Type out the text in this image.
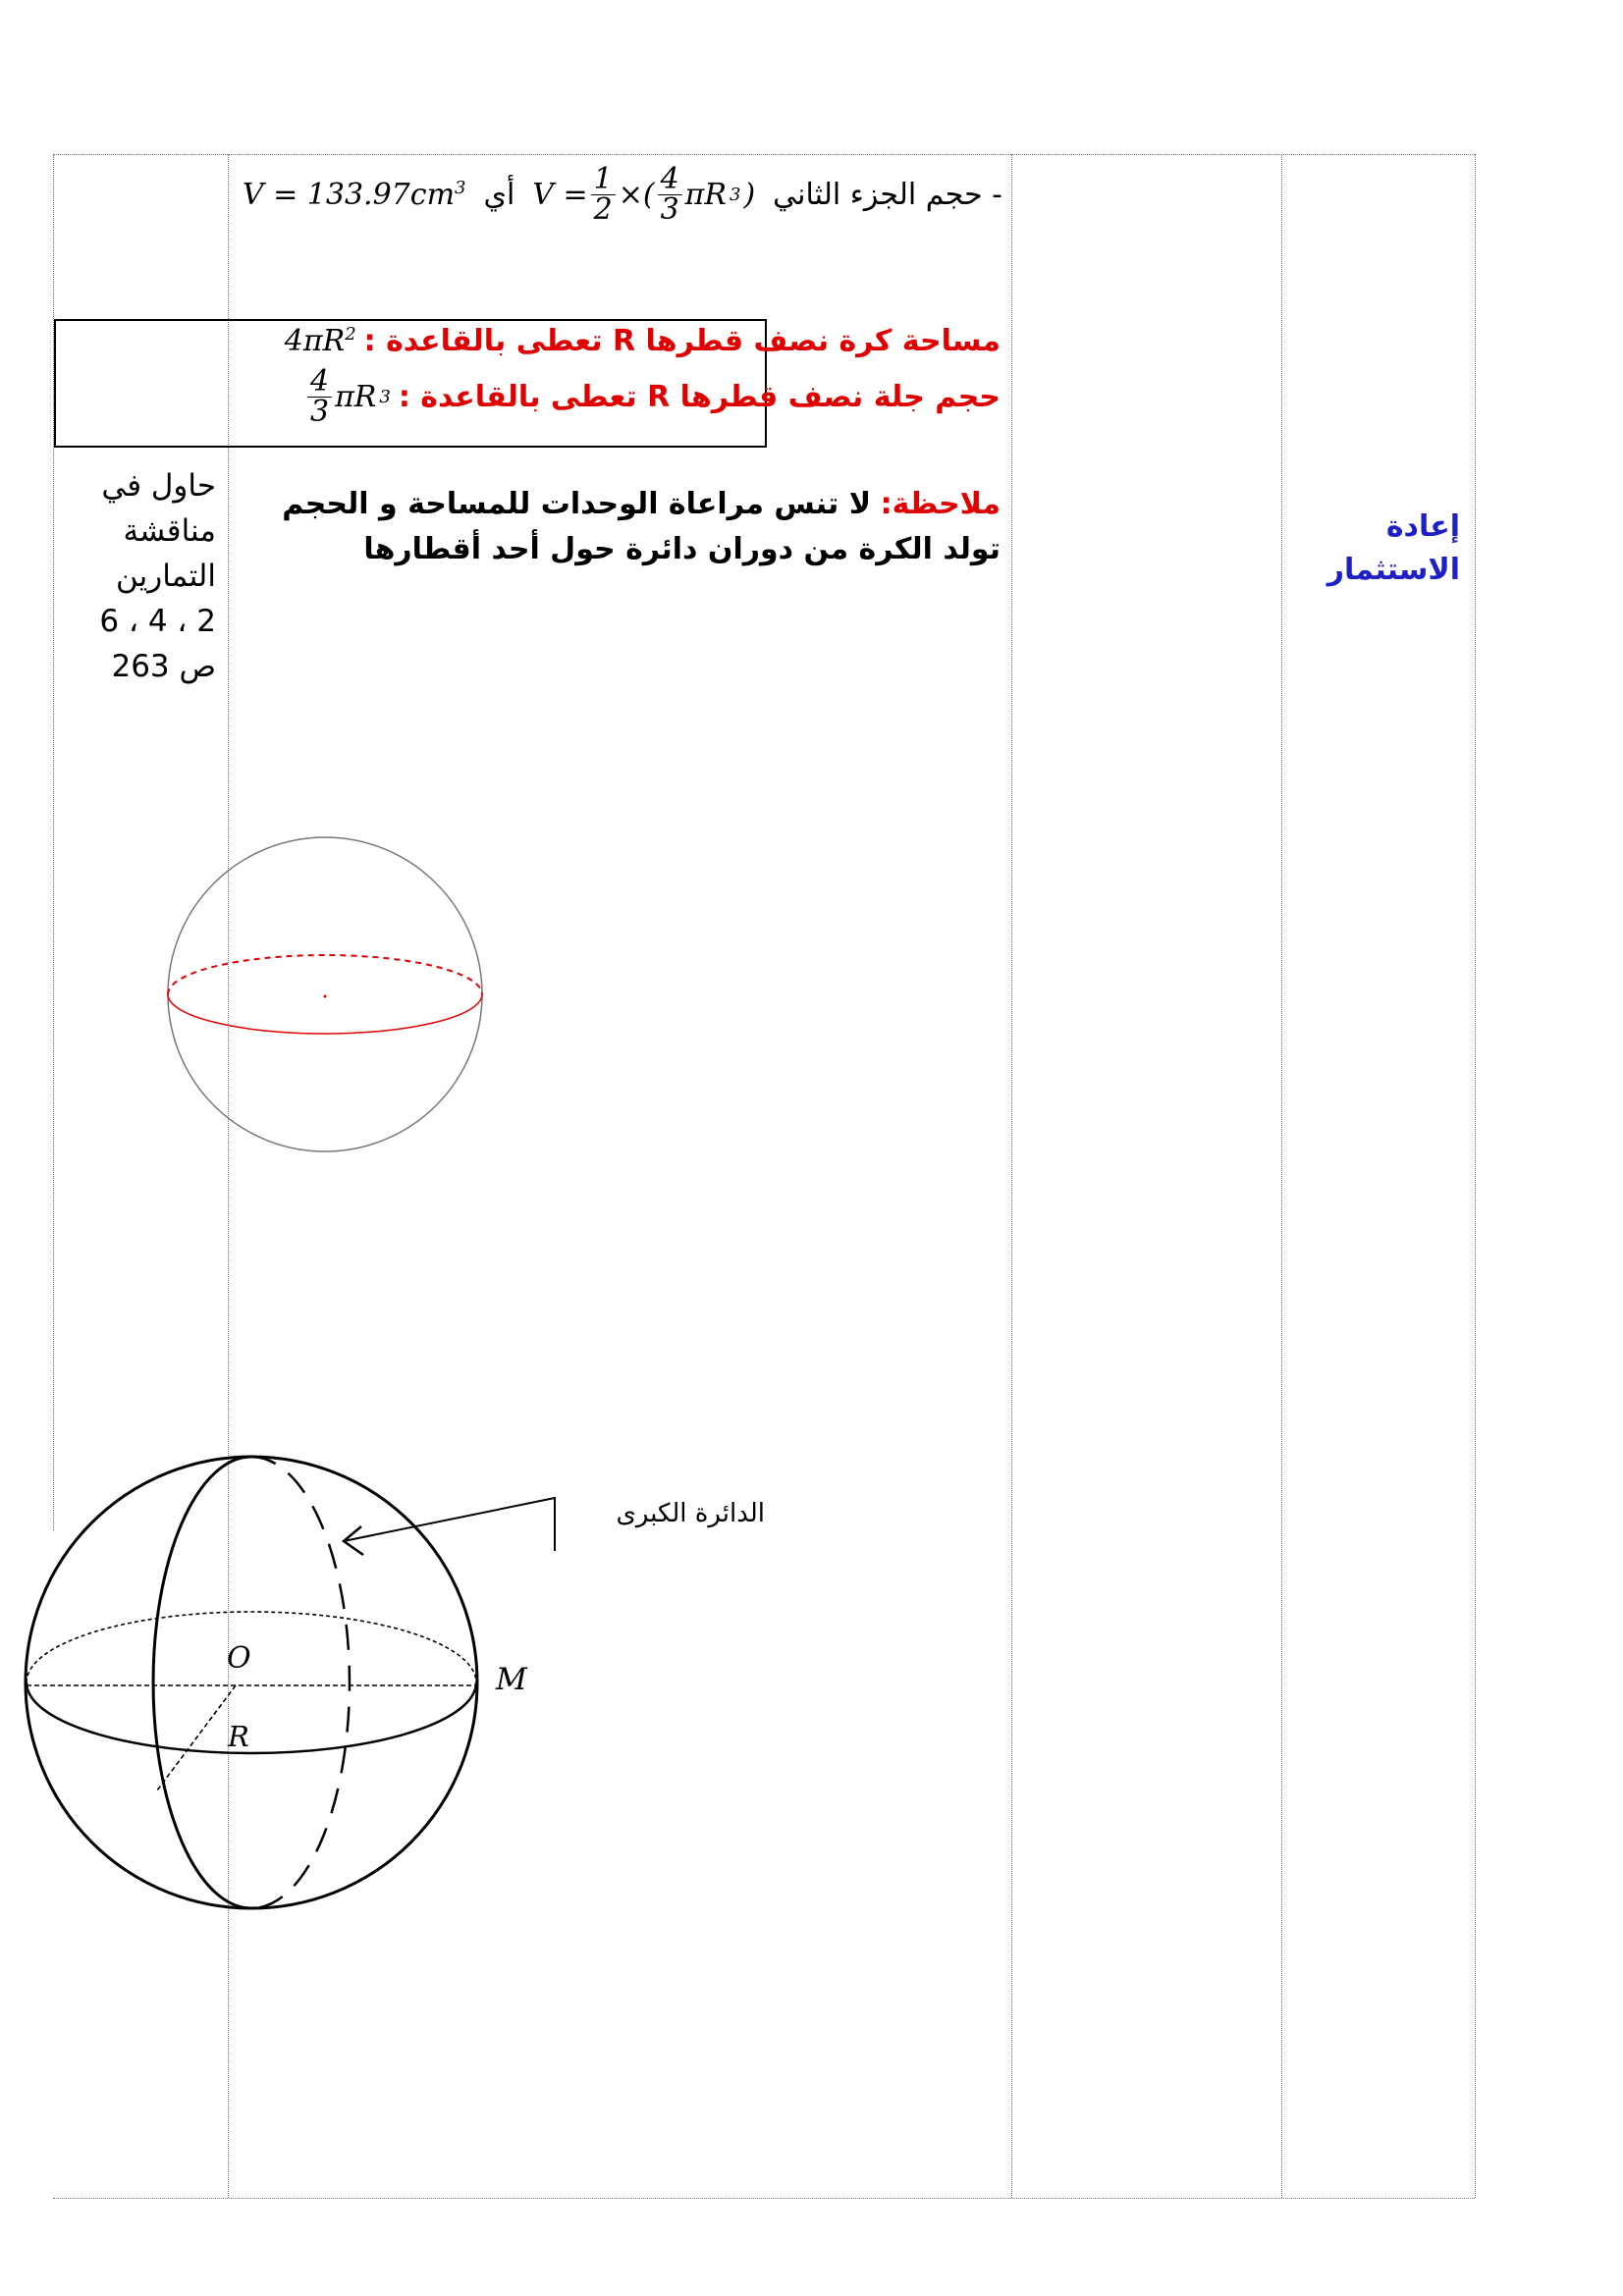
- حجم الجزء الثاني
$V = \frac{1}{2}$ ×( $\frac{4}{3}$ πR 3 )
أي
$V = 133.97cm^3$
مساحة كرة نصف قطرها R تعطى بالقاعدة :
$4\pi R^2$
حجم جلة نصف قطرها R تعطى بالقاعدة :
$\frac{4}{3}$ πR 3
ملاحظة: لا تنس مراعاة الوحدات للمساحة و الحجم
تولد الكرة من دوران دائرة حول أحد أقطارها
إعادة
الاستثمار
حاول في
مناقشة
التمارين
2 ، 4 ، 6
ص 263
O
R
M
الدائرة الكبرى
